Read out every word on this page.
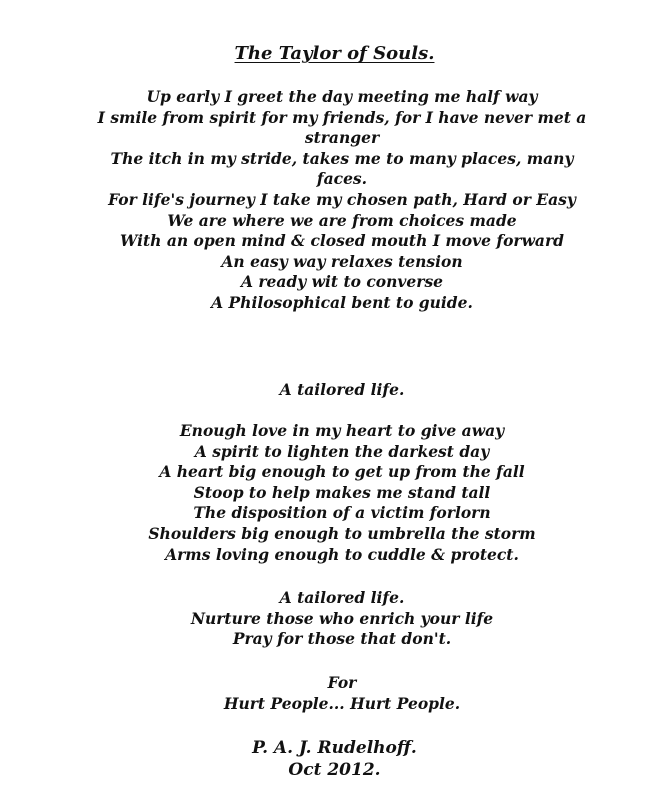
The Taylor of Souls.
Up early I greet the day meeting me half way
I smile from spirit for my friends, for I have never met a stranger
The itch in my stride, takes me to many places, many faces.
For life's journey I take my chosen path, Hard or Easy
We are where we are from choices made
With an open mind & closed mouth I move forward
An easy way relaxes tension
A ready wit to converse
A Philosophical bent to guide.
A tailored life.
Enough love in my heart to give away
A spirit to lighten the darkest day
A heart big enough to get up from the fall
Stoop to help makes me stand tall
The disposition of a victim forlorn
Shoulders big enough to umbrella the storm
Arms loving enough to cuddle & protect.
A tailored life.
Nurture those who enrich your life
Pray for those that don't.
For
Hurt People... Hurt People.
P. A. J. Rudelhoff.
Oct 2012.
